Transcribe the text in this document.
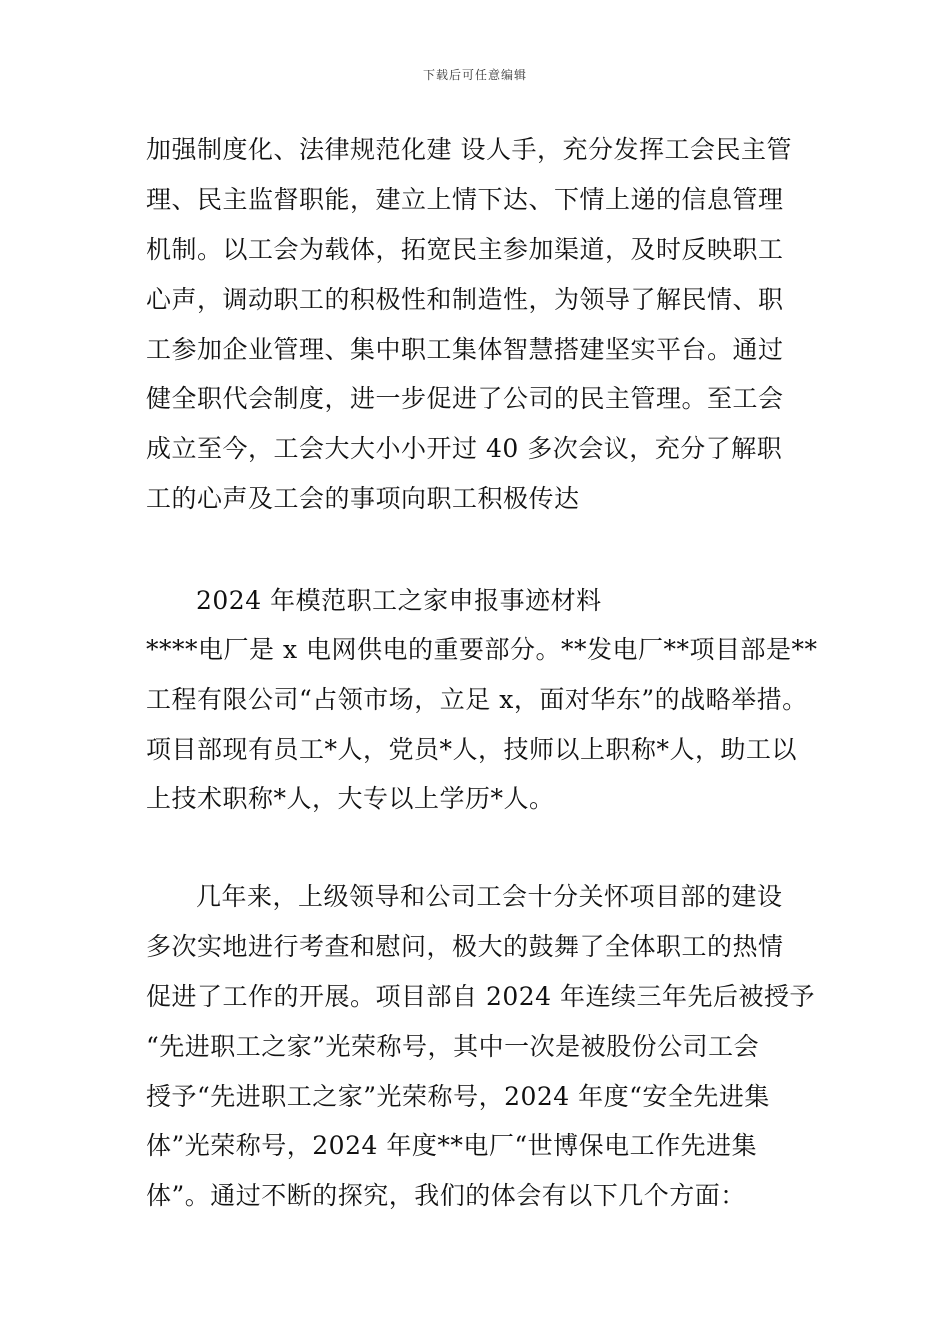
下载后可任意编辑
加强制度化、法律规范化建 设人手，充分发挥工会民主管
理、民主监督职能，建立上情下达、下情上递的信息管理
机制。以工会为载体，拓宽民主参加渠道，及时反映职工
心声，调动职工的积极性和制造性，为领导了解民情、职
工参加企业管理、集中职工集体智慧搭建坚实平台。通过
健全职代会制度，进一步促进了公司的民主管理。至工会
成立至今，工会大大小小开过 40 多次会议，充分了解职
工的心声及工会的事项向职工积极传达
2024 年模范职工之家申报事迹材料
****电厂是 x 电网供电的重要部分。**发电厂**项目部是**
工程有限公司“占领市场，立足 x，面对华东”的战略举措。
项目部现有员工*人，党员*人，技师以上职称*人，助工以
上技术职称*人，大专以上学历*人。
几年来，上级领导和公司工会十分关怀项目部的建设
多次实地进行考查和慰问，极大的鼓舞了全体职工的热情
促进了工作的开展。项目部自 2024 年连续三年先后被授予
“先进职工之家”光荣称号，其中一次是被股份公司工会
授予“先进职工之家”光荣称号，2024 年度“安全先进集
体”光荣称号，2024 年度**电厂“世博保电工作先进集
体”。通过不断的探究，我们的体会有以下几个方面：
